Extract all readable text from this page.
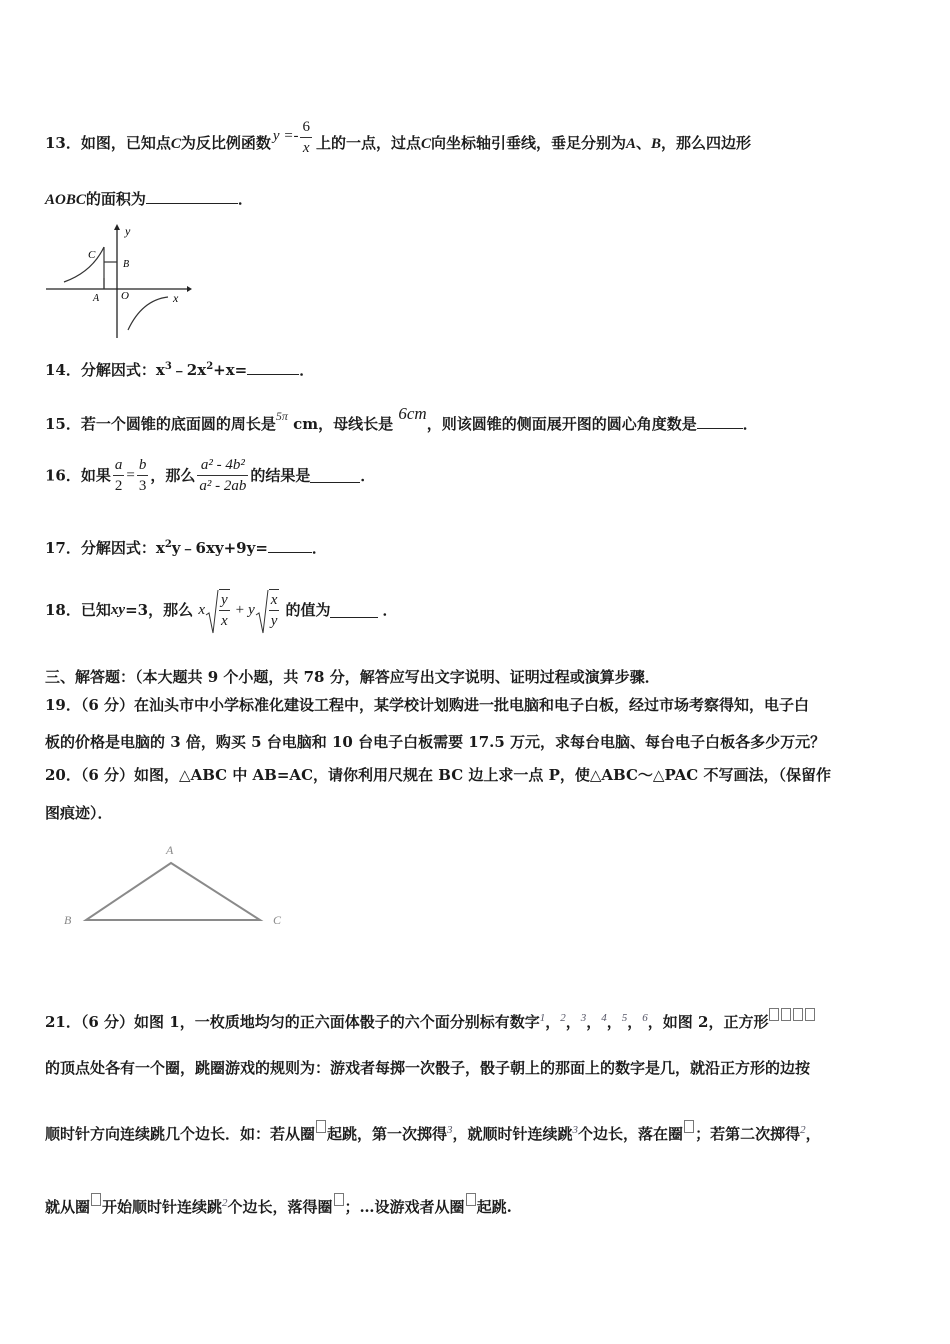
13．如图，已知点C为反比例函数 $y =- \frac{6}{x}$ 上的一点，过点C向坐标轴引垂线，垂足分别为A、B，那么四边形
AOBC的面积为	．
y
x
C
B
A O
14．分解因式：$x^3﹣2x^2+x=$	．
15．若一个圆锥的底面圆的周长是$^{5\pi}$ cm，母线长是 6cm，则该圆锥的侧面展开图的圆心角度数是	．
16．如果 $\frac{a}{2} = \frac{b}{3}$ ，那么 $\frac{\text{a² - 4b²}}{\text{a² - 2ab}}$ 的结果是	．
17．分解因式：$x^2y﹣6xy+9y=$	．
18．已知xy=3，那么 x $\frac{y}{x} + y \frac{x}{y}$ 的值为	．
三、解答题：（本大题共 9 个小题，共 78 分，解答应写出文字说明、证明过程或演算步骤．
19．（6 分）在汕头市中小学标准化建设工程中，某学校计划购进一批电脑和电子白板，经过市场考察得知，电子白
板的价格是电脑的 3 倍，购买 5 台电脑和 10 台电子白板需要 17.5 万元，求每台电脑、每台电子白板各多少万元？
20．（6 分）如图，△ABC 中 AB=AC，请你利用尺规在 BC 边上求一点 P，使△ABC～△PAC 不写画法，（保留作
图痕迹）．
A
B	C
21．（6 分）如图 1，一枚质地均匀的正六面体骰子的六个面分别标有数字$^1$，$^2$，$^3$，$^4$，$^5$，$^6$，如图 2，正方形
的顶点处各有一个圈，跳圈游戏的规则为：游戏者每掷一次骰子，骰子朝上的那面上的数字是几，就沿正方形的边按
顺时针方向连续跳几个边长．如：若从圈 起跳，第一次掷得$^3$，就顺时针连续跳$^3$个边长，落在圈 ；若第二次掷得$^2$，
就从圈 开始顺时针连续跳$^2$个边长，落得圈 ；…设游戏者从圈 起跳.
